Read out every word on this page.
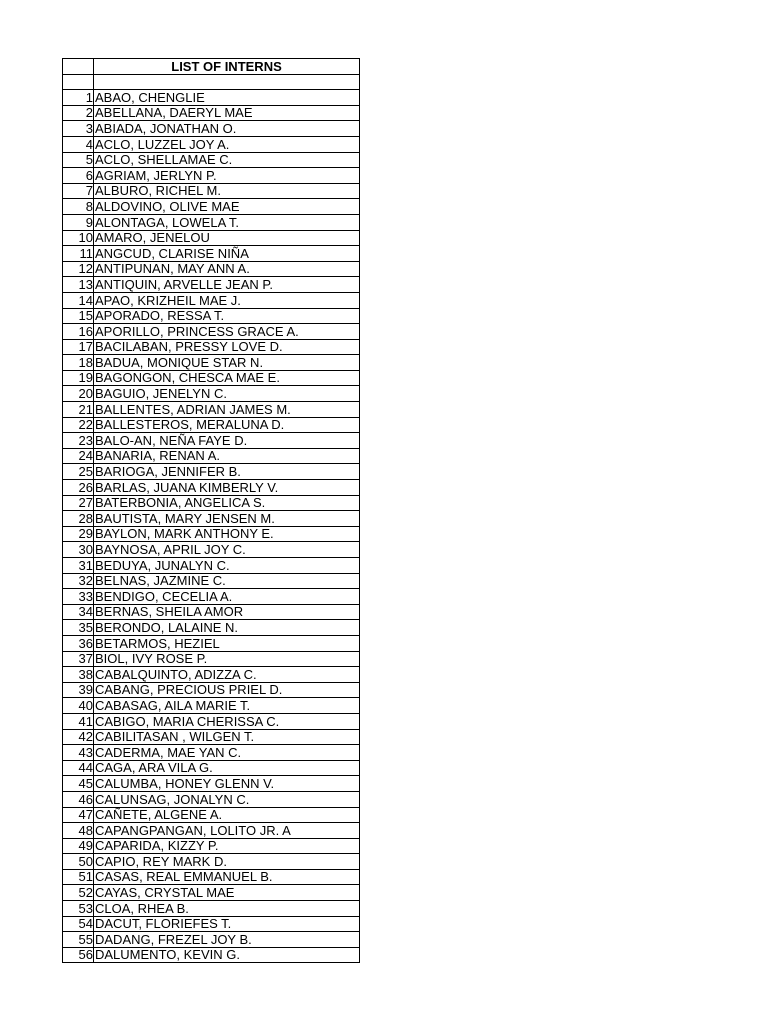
	LIST OF INTERNS

1	ABAO, CHENGLIE
2	ABELLANA, DAERYL MAE
3	ABIADA, JONATHAN O.
4	ACLO, LUZZEL JOY A.
5	ACLO, SHELLAMAE C.
6	AGRIAM, JERLYN P.
7	ALBURO, RICHEL M.
8	ALDOVINO, OLIVE MAE
9	ALONTAGA, LOWELA T.
10	AMARO, JENELOU
11	ANGCUD, CLARISE NIÑA
12	ANTIPUNAN, MAY ANN A.
13	ANTIQUIN, ARVELLE JEAN P.
14	APAO, KRIZHEIL MAE J.
15	APORADO, RESSA T.
16	APORILLO, PRINCESS GRACE A.
17	BACILABAN, PRESSY LOVE D.
18	BADUA, MONIQUE STAR N.
19	BAGONGON, CHESCA MAE E.
20	BAGUIO, JENELYN C.
21	BALLENTES, ADRIAN JAMES M.
22	BALLESTEROS, MERALUNA D.
23	BALO-AN, NEÑA FAYE D.
24	BANARIA, RENAN A.
25	BARIOGA, JENNIFER B.
26	BARLAS, JUANA KIMBERLY V.
27	BATERBONIA, ANGELICA S.
28	BAUTISTA, MARY JENSEN M.
29	BAYLON, MARK ANTHONY E.
30	BAYNOSA, APRIL JOY C.
31	BEDUYA, JUNALYN C.
32	BELNAS, JAZMINE C.
33	BENDIGO, CECELIA A.
34	BERNAS, SHEILA AMOR
35	BERONDO, LALAINE N.
36	BETARMOS, HEZIEL
37	BIOL, IVY ROSE P.
38	CABALQUINTO, ADIZZA C.
39	CABANG, PRECIOUS PRIEL D.
40	CABASAG, AILA MARIE T.
41	CABIGO, MARIA CHERISSA C.
42	CABILITASAN , WILGEN T.
43	CADERMA, MAE YAN C.
44	CAGA, ARA VILA G.
45	CALUMBA, HONEY GLENN V.
46	CALUNSAG, JONALYN C.
47	CAÑETE, ALGENE A.
48	CAPANGPANGAN, LOLITO JR. A
49	CAPARIDA, KIZZY P.
50	CAPIO, REY MARK D.
51	CASAS, REAL EMMANUEL B.
52	CAYAS, CRYSTAL MAE
53	CLOA, RHEA B.
54	DACUT, FLORIEFES T.
55	DADANG, FREZEL JOY B.
56	DALUMENTO, KEVIN G.
